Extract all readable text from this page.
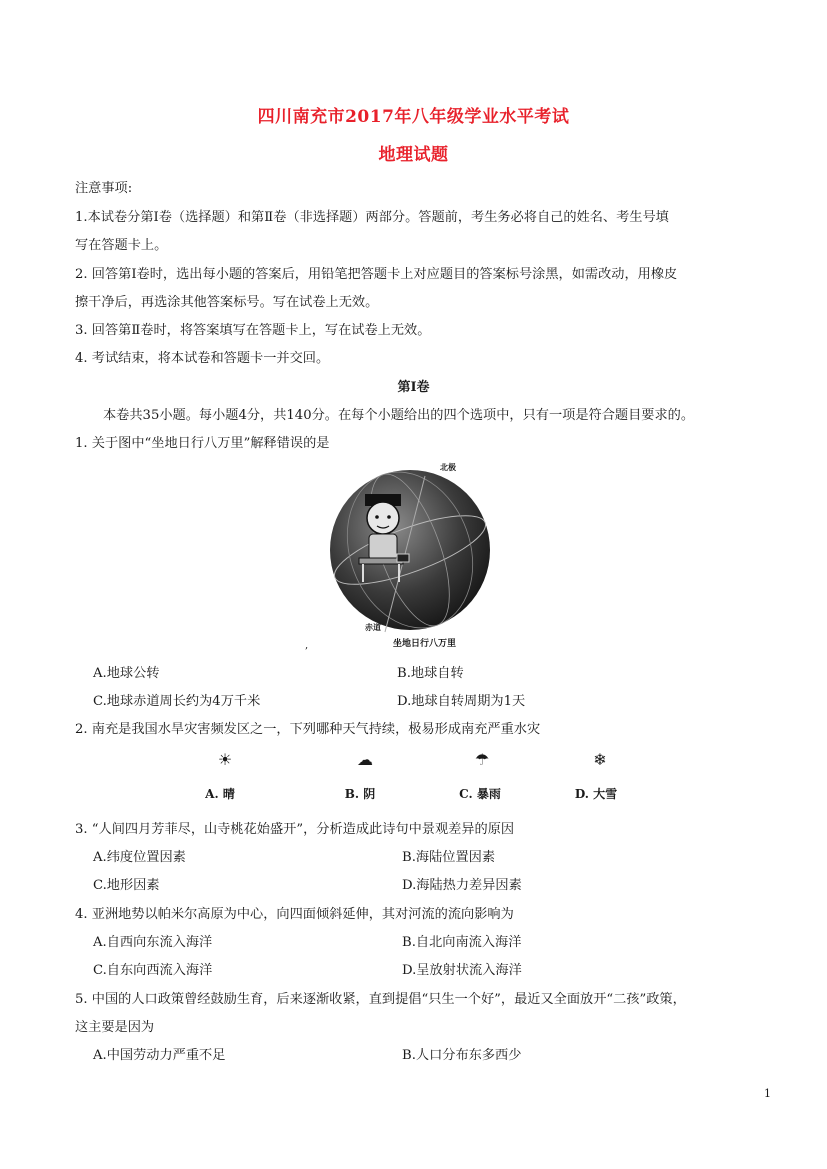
四川南充市2017年八年级学业水平考试
地理试题
注意事项:
1.本试卷分第Ⅰ卷（选择题）和第Ⅱ卷（非选择题）两部分。答题前，考生务必将自己的姓名、考生号填
写在答题卡上。
2. 回答第Ⅰ卷时，选出每小题的答案后，用铅笔把答题卡上对应题目的答案标号涂黑，如需改动，用橡皮
擦干净后，再选涂其他答案标号。写在试卷上无效。
3. 回答第Ⅱ卷时，将答案填写在答题卡上，写在试卷上无效。
4. 考试结束，将本试卷和答题卡一并交回。
第Ⅰ卷
本卷共35小题。每小题4分，共140分。在每个小题给出的四个选项中，只有一项是符合题目要求的。
1. 关于图中“坐地日行八万里”解释错误的是
北极
赤道
坐地日行八万里
,
A.地球公转	B.地球自转
C.地球赤道周长约为4万千米	D.地球自转周期为1天
2. 南充是我国水旱灾害频发区之一，下列哪种天气持续，极易形成南充严重水灾
☀	☁	☂	❄
A. 晴	B. 阴	C. 暴雨	D. 大雪
3. “人间四月芳菲尽，山寺桃花始盛开”，分析造成此诗句中景观差异的原因
A.纬度位置因素	B.海陆位置因素
C.地形因素	D.海陆热力差异因素
4. 亚洲地势以帕米尔高原为中心，向四面倾斜延伸，其对河流的流向影响为
A.自西向东流入海洋	B.自北向南流入海洋
C.自东向西流入海洋	D.呈放射状流入海洋
5. 中国的人口政策曾经鼓励生育，后来逐渐收紧，直到提倡“只生一个好”，最近又全面放开“二孩”政策，
这主要是因为
A.中国劳动力严重不足	B.人口分布东多西少
1
